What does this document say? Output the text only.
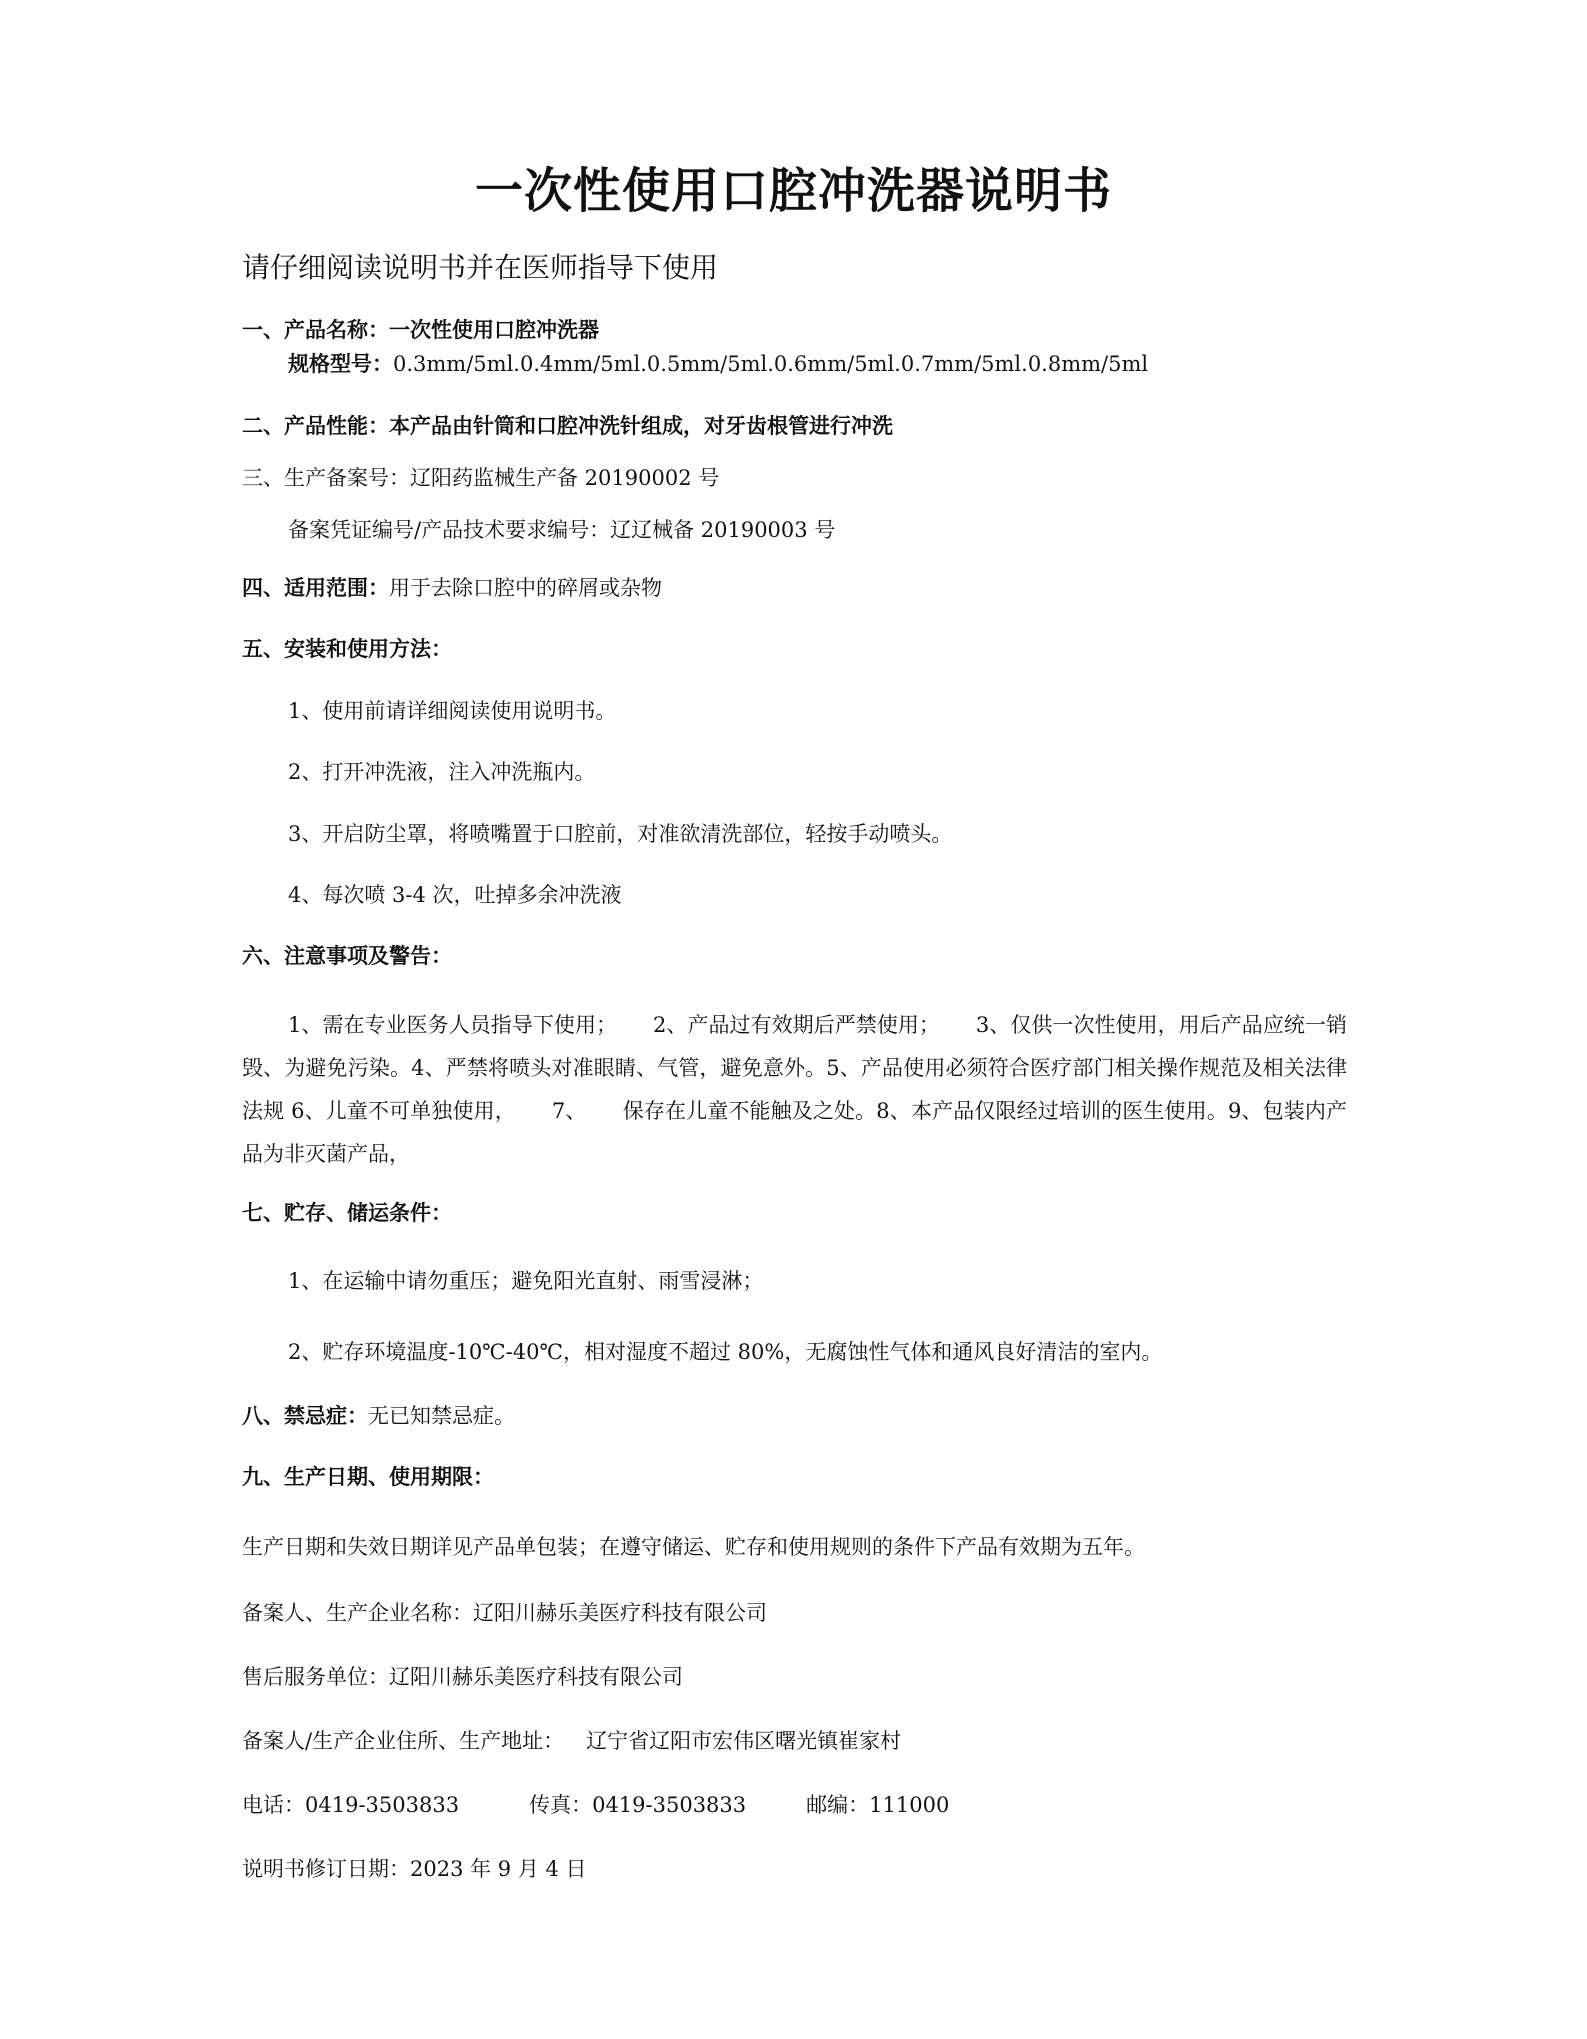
一次性使用口腔冲洗器说明书
请仔细阅读说明书并在医师指导下使用
一、产品名称：一次性使用口腔冲洗器
规格型号：0.3mm/5ml.0.4mm/5ml.0.5mm/5ml.0.6mm/5ml.0.7mm/5ml.0.8mm/5ml
二、产品性能：本产品由针筒和口腔冲洗针组成，对牙齿根管进行冲洗
三、生产备案号：辽阳药监械生产备 20190002 号
备案凭证编号/产品技术要求编号：辽辽械备 20190003 号
四、适用范围：用于去除口腔中的碎屑或杂物
五、安装和使用方法：
1、使用前请详细阅读使用说明书。
2、打开冲洗液，注入冲洗瓶内。
3、开启防尘罩，将喷嘴置于口腔前，对准欲清洗部位，轻按手动喷头。
4、每次喷 3-4 次，吐掉多余冲洗液
六、注意事项及警告：
1、需在专业医务人员指导下使用； 2、产品过有效期后严禁使用； 3、仅供一次性使用，用后产品应统一销毁、为避免污染。4、严禁将喷头对准眼睛、气管，避免意外。5、产品使用必须符合医疗部门相关操作规范及相关法律法规 6、儿童不可单独使用， 7、 保存在儿童不能触及之处。8、本产品仅限经过培训的医生使用。9、包装内产品为非灭菌产品，
七、贮存、储运条件：
1、在运输中请勿重压；避免阳光直射、雨雪浸淋；
2、贮存环境温度-10℃-40℃，相对湿度不超过 80%，无腐蚀性气体和通风良好清洁的室内。
八、禁忌症：无已知禁忌症。
九、生产日期、使用期限：
生产日期和失效日期详见产品单包装；在遵守储运、贮存和使用规则的条件下产品有效期为五年。
备案人、生产企业名称：辽阳川赫乐美医疗科技有限公司
售后服务单位：辽阳川赫乐美医疗科技有限公司
备案人/生产企业住所、生产地址： 辽宁省辽阳市宏伟区曙光镇崔家村
电话：0419-3503833	传真：0419-3503833	邮编：111000
说明书修订日期：2023 年 9 月 4 日
